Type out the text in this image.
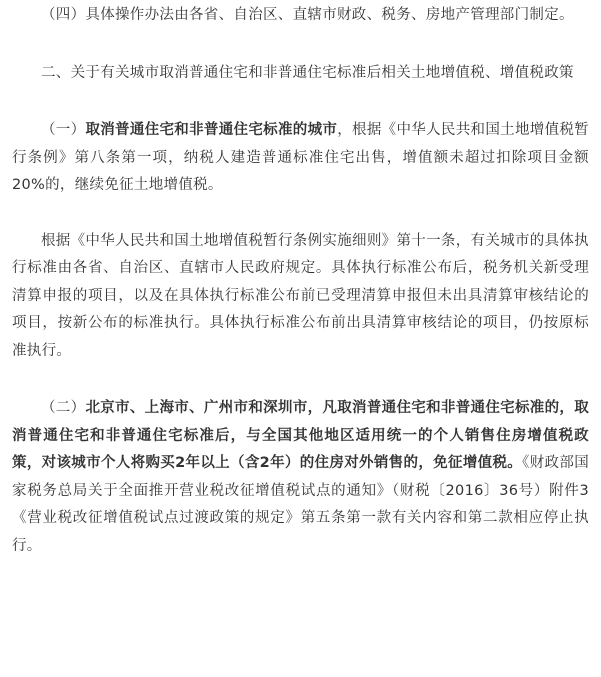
（四）具体操作办法由各省、自治区、直辖市财政、税务、房地产管理部门制定。

二、关于有关城市取消普通住宅和非普通住宅标准后相关土地增值税、增值税政策

（一）取消普通住宅和非普通住宅标准的城市，根据《中华人民共和国土地增值税暂行条例》第八条第一项，纳税人建造普通标准住宅出售，增值额未超过扣除项目金额20%的，继续免征土地增值税。

根据《中华人民共和国土地增值税暂行条例实施细则》第十一条，有关城市的具体执行标准由各省、自治区、直辖市人民政府规定。具体执行标准公布后，税务机关新受理清算申报的项目，以及在具体执行标准公布前已受理清算申报但未出具清算审核结论的项目，按新公布的标准执行。具体执行标准公布前出具清算审核结论的项目，仍按原标准执行。

（二）北京市、上海市、广州市和深圳市，凡取消普通住宅和非普通住宅标准的，取消普通住宅和非普通住宅标准后，与全国其他地区适用统一的个人销售住房增值税政策，对该城市个人将购买2年以上（含2年）的住房对外销售的，免征增值税。《财政部国家税务总局关于全面推开营业税改征增值税试点的通知》（财税〔2016〕36号）附件3《营业税改征增值税试点过渡政策的规定》第五条第一款有关内容和第二款相应停止执行。
